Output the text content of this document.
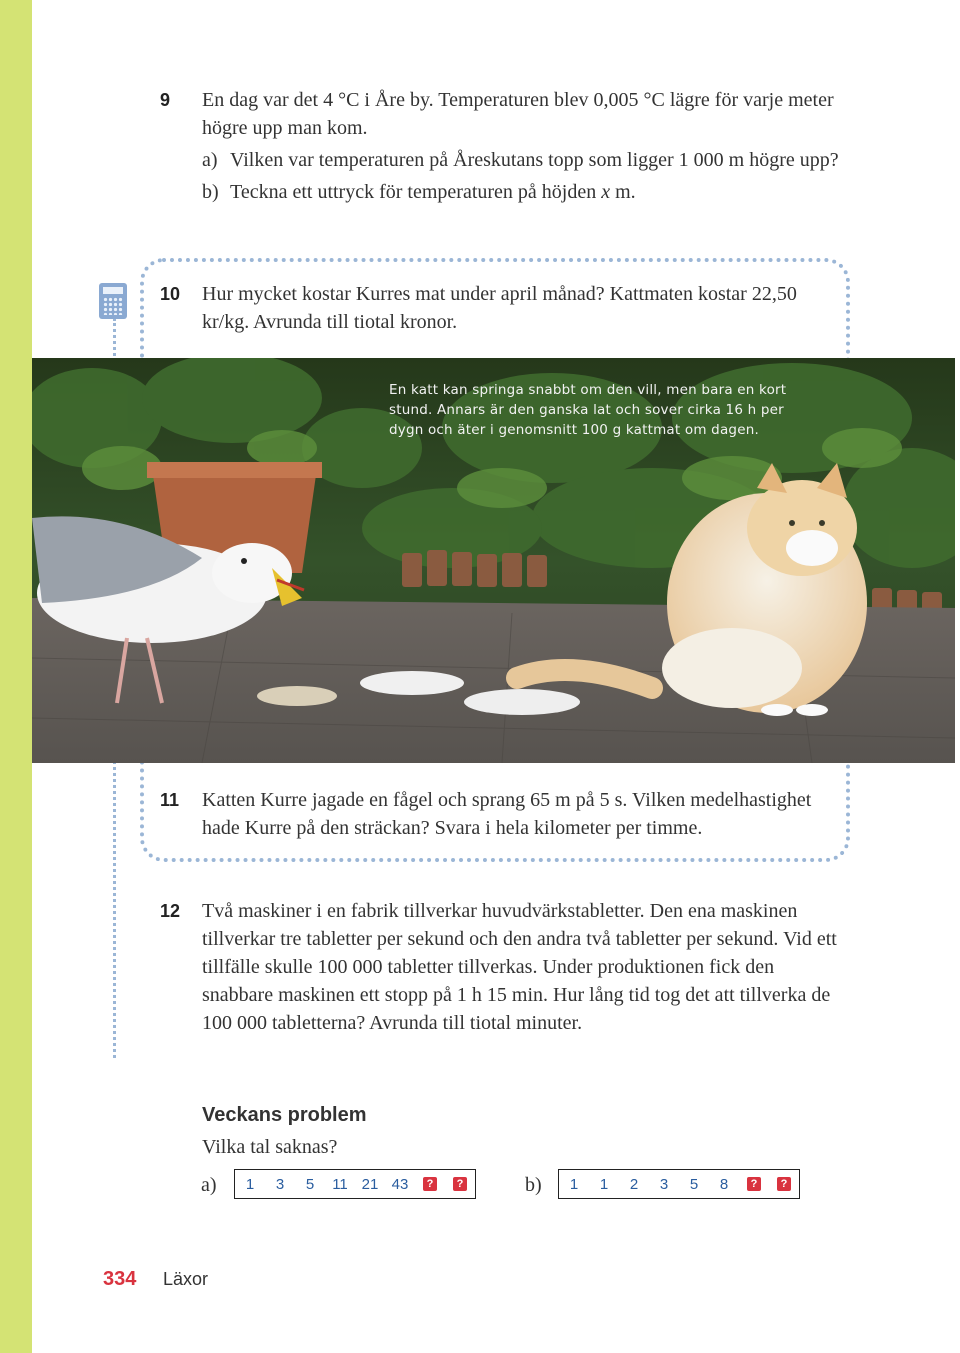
9	En dag var det 4 °C i Åre by. Temperaturen blev 0,005 °C lägre för varje meter högre upp man kom.
a) Vilken var temperaturen på Åreskutans topp som ligger 1 000 m högre upp?
b) Teckna ett uttryck för temperaturen på höjden x m.
10	Hur mycket kostar Kurres mat under april månad? Kattmaten kostar 22,50 kr/kg. Avrunda till tiotal kronor.
En katt kan springa snabbt om den vill, men bara en kort stund. Annars är den ganska lat och sover cirka 16 h per dygn och äter i genomsnitt 100 g kattmat om dagen.
11	Katten Kurre jagade en fågel och sprang 65 m på 5 s. Vilken medelhastighet hade Kurre på den sträckan? Svara i hela kilometer per timme.
12	Två maskiner i en fabrik tillverkar huvudvärkstabletter. Den ena maskinen tillverkar tre tabletter per sekund och den andra två tabletter per sekund. Vid ett tillfälle skulle 100 000 tabletter tillverkas. Under produktionen fick den snabbare maskinen ett stopp på 1 h 15 min. Hur lång tid tog det att tillverka de 100 000 tabletterna? Avrunda till tiotal minuter.
Veckans problem
Vilka tal saknas?
a)	1	3	5	11 21 43	?	?	b)	1	1	2	3	5	8	?	?
334 Läxor
